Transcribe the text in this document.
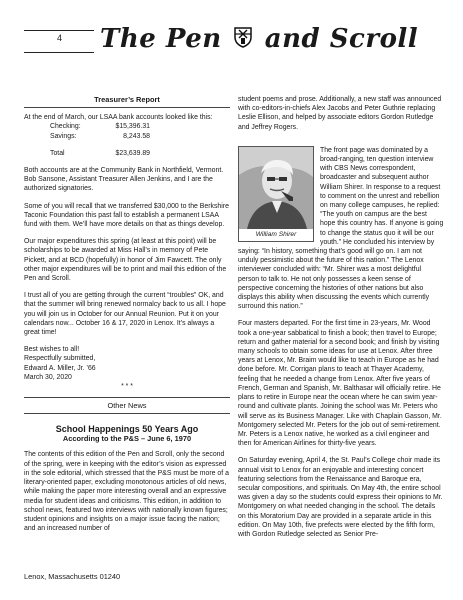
4 The Pen and Scroll
Treasurer’s Report

At the end of March, our LSAA bank accounts looked like this:

Checking:	$15,396.31
Savings:	8,243.58

Total	$23,639.89

Both accounts are at the Community Bank in Northfield, Vermont. Bob Sansone, Assistant Treasurer Allen Jenkins, and I are the authorized signatories.

Some of you will recall that we transferred $30,000 to the Berkshire Taconic Foundation this past fall to establish a permanent LSAA fund with them. We’ll have more details on that as things develop.

Our major expenditures this spring (at least at this point) will be scholarships to be awarded at Miss Hall’s in memory of Pete Pickett, and at BCD (hopefully) in honor of Jim Fawcett. The only other major expenditures will be to print and mail this edition of the Pen and Scroll.

I trust all of you are getting through the current “troubles” OK, and that the summer will bring renewed normalcy back to us all. I hope you will join us in October for our Annual Reunion. Put it on your calendars now... October 16 & 17, 2020 in Lenox. It’s always a great time!

Best wishes to all!

Respectfully submitted,

Edward A. Miller, Jr. ’66

March 30, 2020

* * *

Other News
School Happenings 50 Years Ago
According to the P&S – June 6, 1970

The contents of this edition of the Pen and Scroll, only the second of the spring, were in keeping with the editor’s vision as expressed in the sole editorial, which stressed that the P&S must be more of a literary-oriented paper, excluding monotonous articles of old news, while making the paper more interesting overall and an expressive media for student ideas and criticisms. This edition, in addition to school news, featured two interviews with nationally known figures; student opinions and insights on a major issue facing the nation; and an increased number of

student poems and prose. Additionally, a new staff was announced with co-editors-in-chiefs Alex Jacobs and Peter Guthrie replacing Leslie Ellison, and helped by associate editors Gordon Rutledge and Jeffrey Rogers.

William Shirer

The front page was dominated by a broad-ranging, ten question interview with CBS News correspondent, broadcaster and subsequent author William Shirer. In response to a request to comment on the unrest and rebellion on many college campuses, he replied: “The youth on campus are the best hope this country has. If anyone is going to change the status quo it will be our youth.” He concluded his interview by saying: “In history, something that’s good will go on. I am not unduly pessimistic about the future of this nation.” The Lenox interviewer concluded with: “Mr. Shirer was a most delightful person to talk to. He not only possesses a keen sense of perspective concerning the histories of other nations but also displays this ability when discussing the events which currently surround this nation.”

Four masters departed. For the first time in 23-years, Mr. Wood took a one-year sabbatical to finish a book; then travel to Europe; return and gather material for a second book; and finish by visiting many schools to obtain some ideas for use at Lenox. After three years at Lenox, Mr. Braim would like to teach in Europe as he had done before. Mr. Corrigan plans to teach at Thayer Academy, feeling that he needed a change from Lenox. After five years of French, German and Spanish, Mr. Balthasar will officially retire. He plans to retire in Europe near the ocean where he can swim year-round and cultivate plants. Joining the school was Mr. Peters who will serve as its Business Manager. Like with Chaplain Gasson, Mr. Montgomery selected Mr. Peters for the job out of semi-retirement. Mr. Peters is a Lenox native, he worked as a civil engineer and then for American Airlines for thirty-five years.

On Saturday evening, April 4, the St. Paul’s College choir made its annual visit to Lenox for an enjoyable and interesting concert featuring selections from the Renaissance and Baroque era, secular compositions, and spirituals. On May 4th, the entire school was given a day so the students could express their opinions to Mr. Montgomery on what needed changing in the school. The details on this Moratorium Day are provided in a separate article in this edition. On May 10th, five prefects were elected by the fifth form, with Gordon Rutledge selected as Senior Pre-

Lenox, Massachusetts 01240
